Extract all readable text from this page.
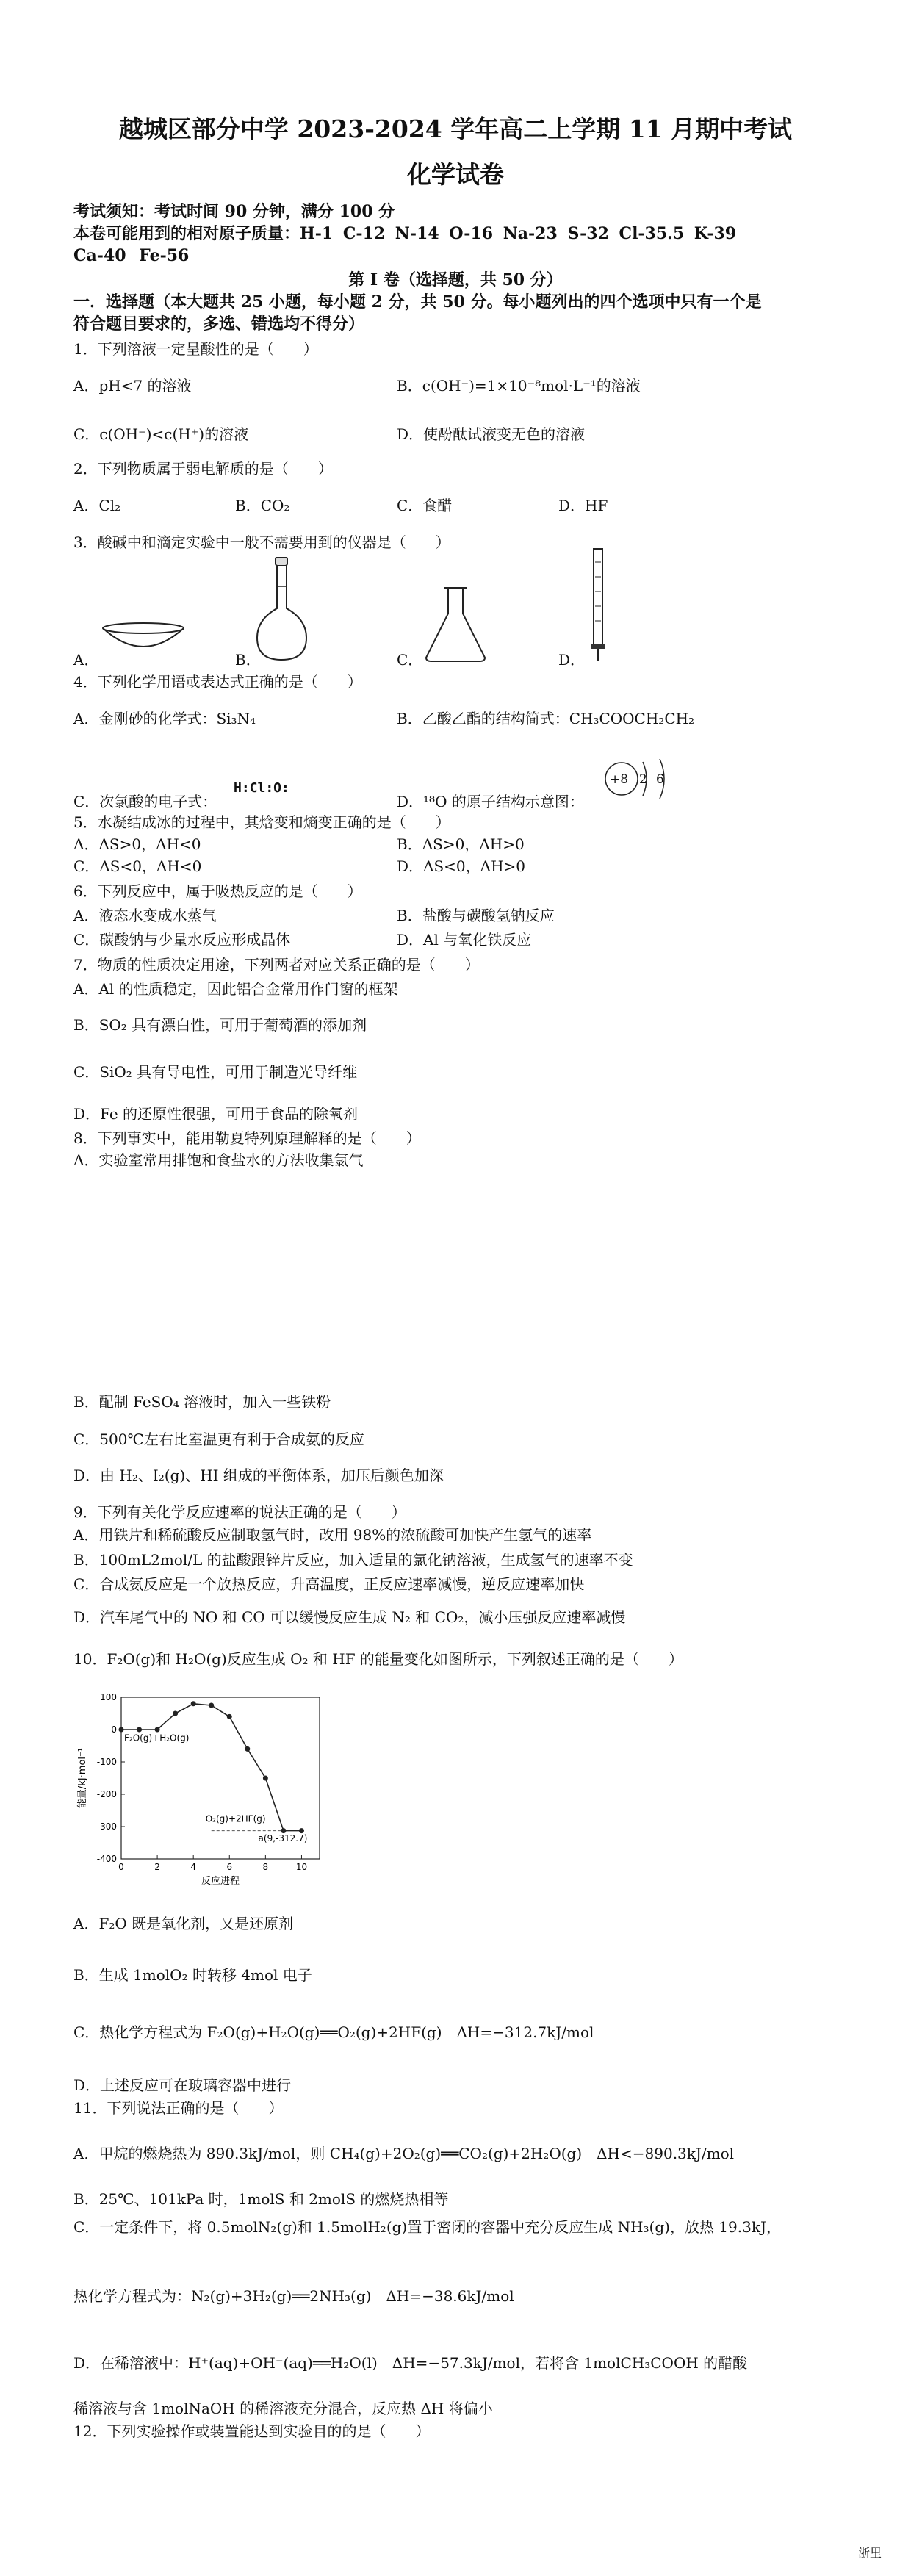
越城区部分中学 2023-2024 学年高二上学期 11 月期中考试
化学试卷
考试须知：考试时间 90 分钟，满分 100 分
本卷可能用到的相对原子质量：H-1 C-12 N-14 O-16 Na-23 S-32 Cl-35.5 K-39
Ca-40 Fe-56
第 I 卷（选择题，共 50 分）
一．选择题（本大题共 25 小题，每小题 2 分，共 50 分。每小题列出的四个选项中只有一个是
符合题目要求的，多选、错选均不得分）
1．下列溶液一定呈酸性的是（　　）
A．pH<7 的溶液	B．c(OH⁻)=1×10⁻⁸mol·L⁻¹的溶液
C．c(OH⁻)<c(H⁺)的溶液	D．使酚酞试液变无色的溶液
2．下列物质属于弱电解质的是（　　）
A．Cl₂	B．CO₂	C．食醋	D．HF
3．酸碱中和滴定实验中一般不需要用到的仪器是（　　）
A．	B．	C．	D．
4．下列化学用语或表达式正确的是（　　）
A．金刚砂的化学式：Si₃N₄	B．乙酸乙酯的结构简式：CH₃COOCH₂CH₂
C．次氯酸的电子式：
H:Cl:O:
D．¹⁸O 的原子结构示意图：
+8 2 6
5．水凝结成冰的过程中，其焓变和熵变正确的是（　　）
A．ΔS>0，ΔH<0	B．ΔS>0，ΔH>0
C．ΔS<0，ΔH<0	D．ΔS<0，ΔH>0
6．下列反应中，属于吸热反应的是（　　）
A．液态水变成水蒸气	B．盐酸与碳酸氢钠反应
C．碳酸钠与少量水反应形成晶体	D．Al 与氧化铁反应
7．物质的性质决定用途，下列两者对应关系正确的是（　　）
A．Al 的性质稳定，因此铝合金常用作门窗的框架
B．SO₂ 具有漂白性，可用于葡萄酒的添加剂
C．SiO₂ 具有导电性，可用于制造光导纤维
D．Fe 的还原性很强，可用于食品的除氧剂
8．下列事实中，能用勒夏特列原理解释的是（　　）
A．实验室常用排饱和食盐水的方法收集氯气
B．配制 FeSO₄ 溶液时，加入一些铁粉
C．500℃左右比室温更有利于合成氨的反应
D．由 H₂、I₂(g)、HI 组成的平衡体系，加压后颜色加深
9．下列有关化学反应速率的说法正确的是（　　）
A．用铁片和稀硫酸反应制取氢气时，改用 98%的浓硫酸可加快产生氢气的速率
B．100mL2mol/L 的盐酸跟锌片反应，加入适量的氯化钠溶液，生成氢气的速率不变
C．合成氨反应是一个放热反应，升高温度，正反应速率减慢，逆反应速率加快
D．汽车尾气中的 NO 和 CO 可以缓慢反应生成 N₂ 和 CO₂，减小压强反应速率减慢
10．F₂O(g)和 H₂O(g)反应生成 O₂ 和 HF 的能量变化如图所示，下列叙述正确的是（　　）
100
0
-100
-200
-300
-400
0	2	4	6	8	10
反应进程
能量/kJ·mol⁻¹
F₂O(g)+H₂O(g)
O₂(g)+2HF(g)
a(9,-312.7)
A．F₂O 既是氧化剂，又是还原剂
B．生成 1molO₂ 时转移 4mol 电子
C．热化学方程式为 F₂O(g)+H₂O(g)══O₂(g)+2HF(g)　ΔH=−312.7kJ/mol
D．上述反应可在玻璃容器中进行
11．下列说法正确的是（　　）
A．甲烷的燃烧热为 890.3kJ/mol，则 CH₄(g)+2O₂(g)══CO₂(g)+2H₂O(g)　ΔH<−890.3kJ/mol
B．25℃、101kPa 时，1molS 和 2molS 的燃烧热相等
C．一定条件下，将 0.5molN₂(g)和 1.5molH₂(g)置于密闭的容器中充分反应生成 NH₃(g)，放热 19.3kJ，
热化学方程式为：N₂(g)+3H₂(g)══2NH₃(g)　ΔH=−38.6kJ/mol
D．在稀溶液中：H⁺(aq)+OH⁻(aq)══H₂O(l)　ΔH=−57.3kJ/mol，若将含 1molCH₃COOH 的醋酸
稀溶液与含 1molNaOH 的稀溶液充分混合，反应热 ΔH 将偏小
12．下列实验操作或装置能达到实验目的的是（　　）
浙里
